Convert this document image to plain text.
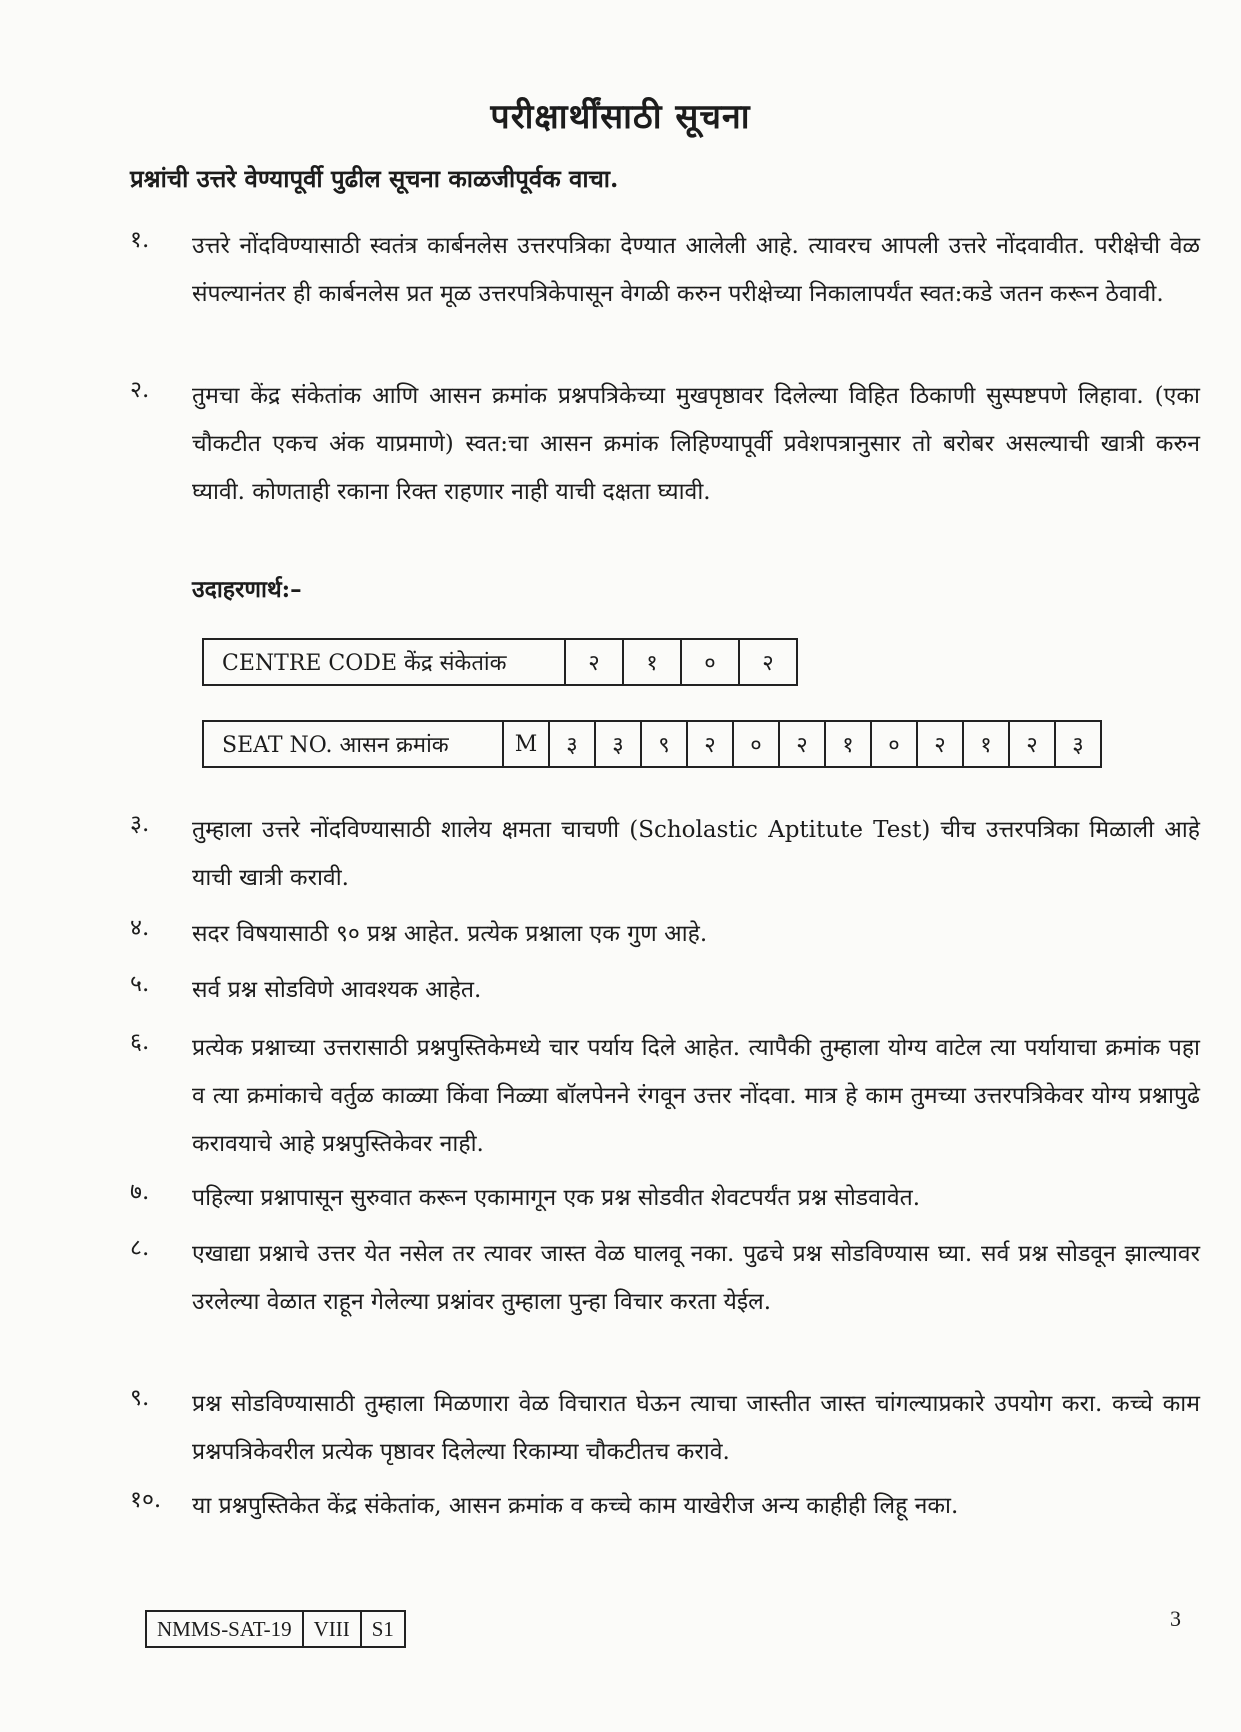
परीक्षार्थींसाठी सूचना
प्रश्नांची उत्तरे वेण्यापूर्वी पुढील सूचना काळजीपूर्वक वाचा.
१. उत्तरे नोंदविण्यासाठी स्वतंत्र कार्बनलेस उत्तरपत्रिका देण्यात आलेली आहे. त्यावरच आपली उत्तरे नोंदवावीत. परीक्षेची वेळ संपल्यानंतर ही कार्बनलेस प्रत मूळ उत्तरपत्रिकेपासून वेगळी करुन परीक्षेच्या निकालापर्यंत स्वत:कडे जतन करून ठेवावी.
२. तुमचा केंद्र संकेतांक आणि आसन क्रमांक प्रश्नपत्रिकेच्या मुखपृष्ठावर दिलेल्या विहित ठिकाणी सुस्पष्टपणे लिहावा. (एका चौकटीत एकच अंक याप्रमाणे) स्वत:चा आसन क्रमांक लिहिण्यापूर्वी प्रवेशपत्रानुसार तो बरोबर असल्याची खात्री करुन घ्यावी. कोणताही रकाना रिक्त राहणार नाही याची दक्षता घ्यावी.
उदाहरणार्थ:–
CENTRE CODE केंद्र संकेतांक	२	१	०	२
SEAT NO. आसन क्रमांक	M	३	३	९	२	०	२	१	०	२	१	२	३
३. तुम्हाला उत्तरे नोंदविण्यासाठी शालेय क्षमता चाचणी (Scholastic Aptitute Test) चीच उत्तरपत्रिका मिळाली आहे याची खात्री करावी.
४. सदर विषयासाठी ९० प्रश्न आहेत. प्रत्येक प्रश्नाला एक गुण आहे.
५. सर्व प्रश्न सोडविणे आवश्यक आहेत.
६. प्रत्येक प्रश्नाच्या उत्तरासाठी प्रश्नपुस्तिकेमध्ये चार पर्याय दिले आहेत. त्यापैकी तुम्हाला योग्य वाटेल त्या पर्यायाचा क्रमांक पहा व त्या क्रमांकाचे वर्तुळ काळ्या किंवा निळ्या बॉलपेनने रंगवून उत्तर नोंदवा. मात्र हे काम तुमच्या उत्तरपत्रिकेवर योग्य प्रश्नापुढे करावयाचे आहे प्रश्नपुस्तिकेवर नाही.
७. पहिल्या प्रश्नापासून सुरुवात करून एकामागून एक प्रश्न सोडवीत शेवटपर्यंत प्रश्न सोडवावेत.
८. एखाद्या प्रश्नाचे उत्तर येत नसेल तर त्यावर जास्त वेळ घालवू नका. पुढचे प्रश्न सोडविण्यास घ्या. सर्व प्रश्न सोडवून झाल्यावर उरलेल्या वेळात राहून गेलेल्या प्रश्नांवर तुम्हाला पुन्हा विचार करता येईल.
९. प्रश्न सोडविण्यासाठी तुम्हाला मिळणारा वेळ विचारात घेऊन त्याचा जास्तीत जास्त चांगल्याप्रकारे उपयोग करा. कच्चे काम प्रश्नपत्रिकेवरील प्रत्येक पृष्ठावर दिलेल्या रिकाम्या चौकटीतच करावे.
१०. या प्रश्नपुस्तिकेत केंद्र संकेतांक, आसन क्रमांक व कच्चे काम याखेरीज अन्य काहीही लिहू नका.
NMMS-SAT-19	VIII	S1	3
